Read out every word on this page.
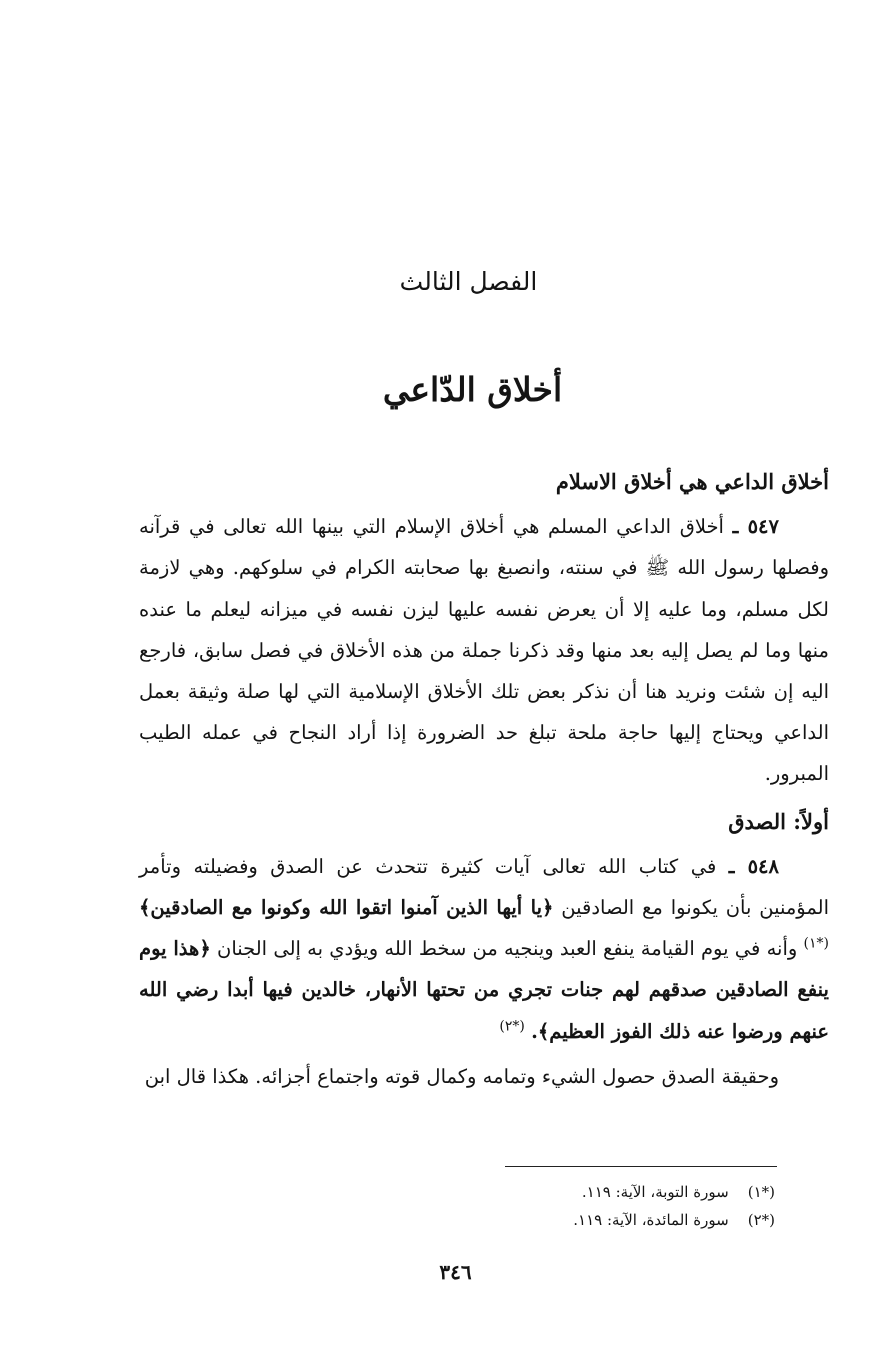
الفصل الثالث
أخلاق الدّاعي

أخلاق الداعي هي أخلاق الاسلام

٥٤٧ ـ أخلاق الداعي المسلم هي أخلاق الإسلام التي بينها الله تعالى في قرآنه وفصلها رسول الله ﷺ في سنته، وانصبغ بها صحابته الكرام في سلوكهم. وهي لازمة لكل مسلم، وما عليه إلا أن يعرض نفسه عليها ليزن نفسه في ميزانه ليعلم ما عنده منها وما لم يصل إليه بعد منها وقد ذكرنا جملة من هذه الأخلاق في فصل سابق، فارجع اليه إن شئت ونريد هنا أن نذكر بعض تلك الأخلاق الإسلامية التي لها صلة وثيقة بعمل الداعي ويحتاج إليها حاجة ملحة تبلغ حد الضرورة إذا أراد النجاح في عمله الطيب المبرور.

أولاً: الصدق

٥٤٨ ـ في كتاب الله تعالى آيات كثيرة تتحدث عن الصدق وفضيلته وتأمر المؤمنين بأن يكونوا مع الصادقين ﴿يا أيها الذين آمنوا اتقوا الله وكونوا مع الصادقين﴾ $^{(*١)}$ وأنه في يوم القيامة ينفع العبد وينجيه من سخط الله ويؤدي به إلى الجنان ﴿هذا يوم ينفع الصادقين صدقهم لهم جنات تجري من تحتها الأنهار، خالدين فيها أبدا رضي الله عنهم ورضوا عنه ذلك الفوز العظيم﴾. $^{(*٢)}$

وحقيقة الصدق حصول الشيء وتمامه وكمال قوته واجتماع أجزائه. هكذا قال ابن

(*١)    سورة التوبة، الآية: ١١٩.

(*٢)    سورة المائدة، الآية: ١١٩.

٣٤٦
